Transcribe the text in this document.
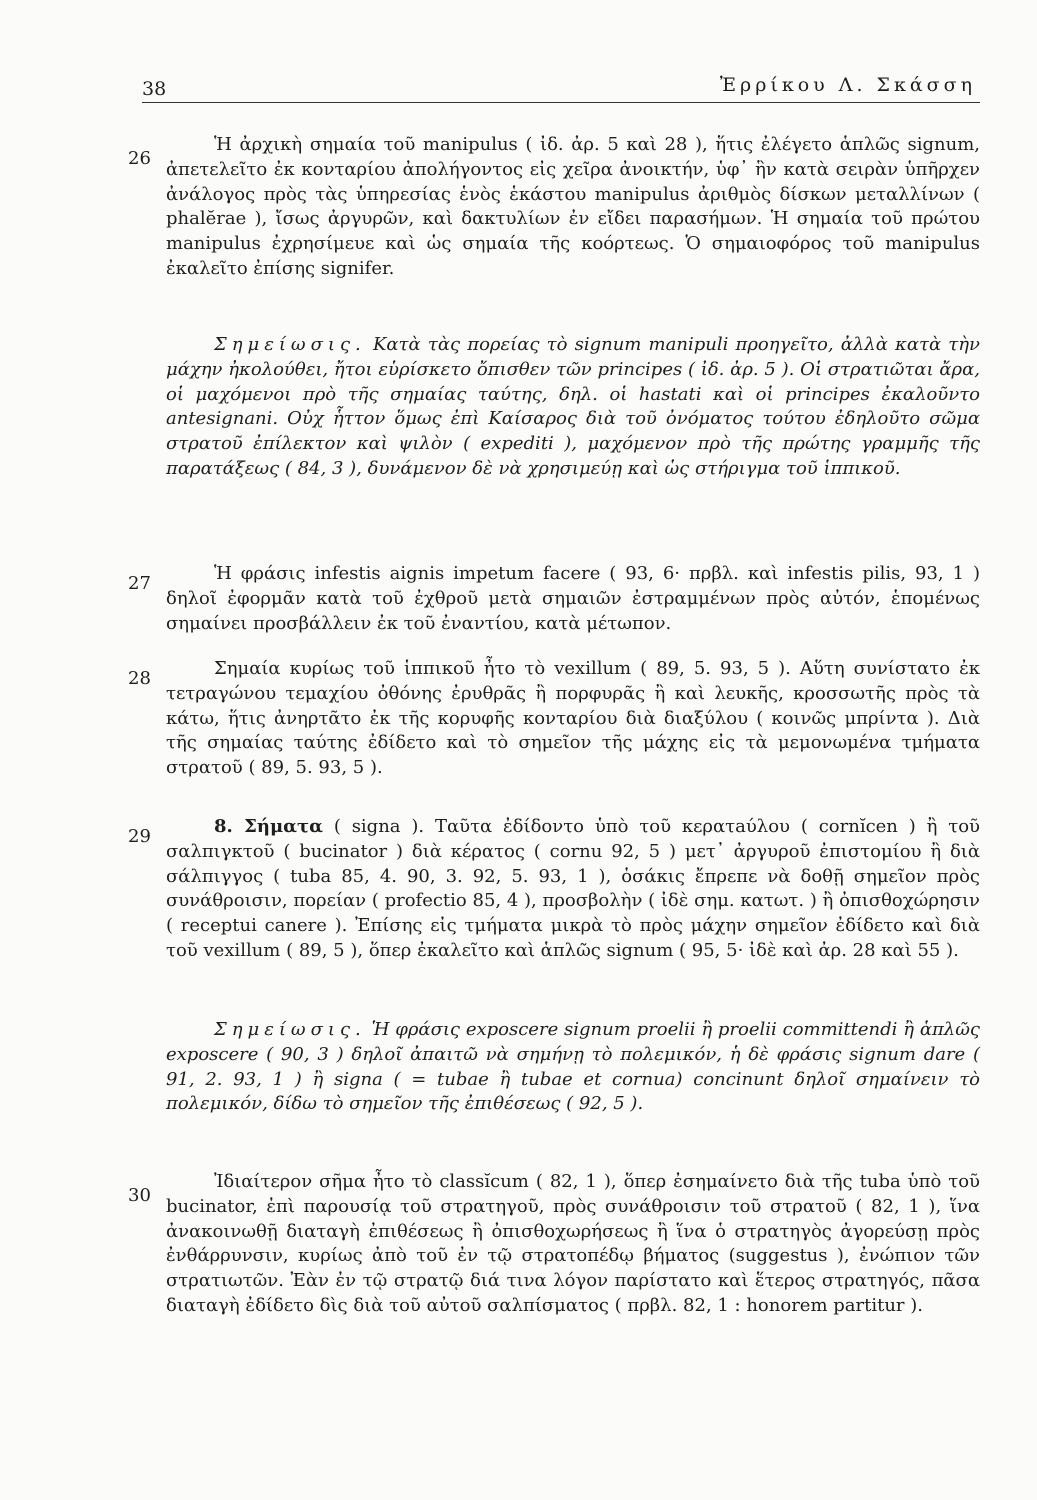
38	Ἐρρίκου Λ. Σκάσση
26

Ἡ ἀρχικὴ σημαία τοῦ manipulus ( ἰδ. ἀρ. 5 καὶ 28 ), ἥτις ἐλέγετο ἁπλῶς signum, ἀπετελεῖτο ἐκ κονταρίου ἀπολήγοντος εἰς χεῖρα ἀνοικτήν, ὑφ᾽ ἣν κατὰ σειρὰν ὑπῆρχεν ἀνάλογος πρὸς τὰς ὑπηρεσίας ἑνὸς ἑκάστου manipulus ἀριθμὸς δίσκων μεταλλίνων ( phalĕrae ), ἴσως ἀργυρῶν, καὶ δακτυλίων ἐν εἴδει παρασήμων. Ἡ σημαία τοῦ πρώτου manipulus ἐχρησίμευε καὶ ὡς σημαία τῆς κοόρτεως. Ὁ σημαιοφόρος τοῦ manipulus ἐκαλεῖτο ἐπίσης signifer.

Σημείωσις. Κατὰ τὰς πορείας τὸ signum manipuli προηγεῖτο, ἀλλὰ κατὰ τὴν μάχην ἠκολούθει, ἤτοι εὑρίσκετο ὄπισθεν τῶν principes ( ἰδ. ἀρ. 5 ). Οἱ στρατιῶται ἄρα, οἱ μαχόμενοι πρὸ τῆς σημαίας ταύτης, δηλ. οἱ hastati καὶ οἱ principes ἐκαλοῦντο antesignani. Οὐχ ἧττον ὅμως ἐπὶ Καίσαρος διὰ τοῦ ὀνόματος τούτου ἐδηλοῦτο σῶμα στρατοῦ ἐπίλεκτον καὶ ψιλὸν ( expediti ), μαχόμενον πρὸ τῆς πρώτης γραμμῆς τῆς παρατάξεως ( 84, 3 ), δυνάμενον δὲ νὰ χρησιμεύῃ καὶ ὡς στήριγμα τοῦ ἱππικοῦ.

27	Ἡ φράσις infestis aignis impetum facere ( 93, 6· πρβλ. καὶ infestis pilis, 93, 1 ) δηλοῖ ἐφορμᾶν κατὰ τοῦ ἐχθροῦ μετὰ σημαιῶν ἐστραμμένων πρὸς αὐτόν, ἑπομένως σημαίνει προσβάλλειν ἐκ τοῦ ἐναντίου, κατὰ μέτωπον.

28	Σημαία κυρίως τοῦ ἱππικοῦ ἦτο τὸ vexillum ( 89, 5. 93, 5 ). Αὕτη συνίστατο ἐκ τετραγώνου τεμαχίου ὀθόνης ἐρυθρᾶς ἢ πορφυρᾶς ἢ καὶ λευκῆς, κροσσωτῆς πρὸς τὰ κάτω, ἥτις ἀνηρτᾶτο ἐκ τῆς κορυφῆς κονταρίου διὰ διαξύλου ( κοινῶς μπρίντα ). Διὰ τῆς σημαίας ταύτης ἐδίδετο καὶ τὸ σημεῖον τῆς μάχης εἰς τὰ μεμονωμένα τμήματα στρατοῦ ( 89, 5. 93, 5 ).

29	8. Σήματα ( signa ). Ταῦτα ἐδίδοντο ὑπὸ τοῦ κερατaύλου ( cornĭcen ) ἢ τοῦ σαλπιγκτοῦ ( bucinator ) διὰ κέρατος ( cornu 92, 5 ) μετ᾽ ἀργυροῦ ἐπιστομίου ἢ διὰ σάλπιγγος ( tuba 85, 4. 90, 3. 92, 5. 93, 1 ), ὁσάκις ἔπρεπε νὰ δοθῇ σημεῖον πρὸς συνάθροισιν, πορείαν ( profectio 85, 4 ), προσβολὴν ( ἰδὲ σημ. κατωτ. ) ἢ ὀπισθοχώρησιν ( receptui canere ). Ἐπίσης εἰς τμήματα μικρὰ τὸ πρὸς μάχην σημεῖον ἐδίδετο καὶ διὰ τοῦ vexillum ( 89, 5 ), ὅπερ ἐκαλεῖτο καὶ ἁπλῶς signum ( 95, 5· ἰδὲ καὶ ἀρ. 28 καὶ 55 ).

Σημείωσις. Ἡ φράσις exposcere signum proelii ἢ proelii committendi ἢ ἁπλῶς exposcere ( 90, 3 ) δηλοῖ ἀπαιτῶ νὰ σημήνῃ τὸ πολεμικόν, ἡ δὲ φράσις signum dare ( 91, 2. 93, 1 ) ἢ signa ( = tubae ἢ tubae et cornua) concinunt δηλοῖ σημαίνειν τὸ πολεμικόν, δίδω τὸ σημεῖον τῆς ἐπιθέσεως ( 92, 5 ).

30

Ἰδιαίτερον σῆμα ἦτο τὸ classĭcum ( 82, 1 ), ὅπερ ἐσημαίνετο διὰ τῆς tuba ὑπὸ τοῦ bucinator, ἐπὶ παρουσίᾳ τοῦ στρατηγοῦ, πρὸς συνάθροισιν τοῦ στρατοῦ ( 82, 1 ), ἵνα ἀνακοινωθῇ διαταγὴ ἐπιθέσεως ἢ ὀπισθοχωρήσεως ἢ ἵνα ὁ στρατηγὸς ἀγορεύσῃ πρὸς ἐνθάρρυνσιν, κυρίως ἀπὸ τοῦ ἐν τῷ στρατοπέδῳ βήματος (suggestus ), ἐνώπιον τῶν στρατιωτῶν. Ἐὰν ἐν τῷ στρατῷ διά τινα λόγον παρίστατο καὶ ἕτερος στρατηγός, πᾶσα διαταγὴ ἐδίδετο δὶς διὰ τοῦ αὐτοῦ σαλπίσματος ( πρβλ. 82, 1 : honorem partitur ).
